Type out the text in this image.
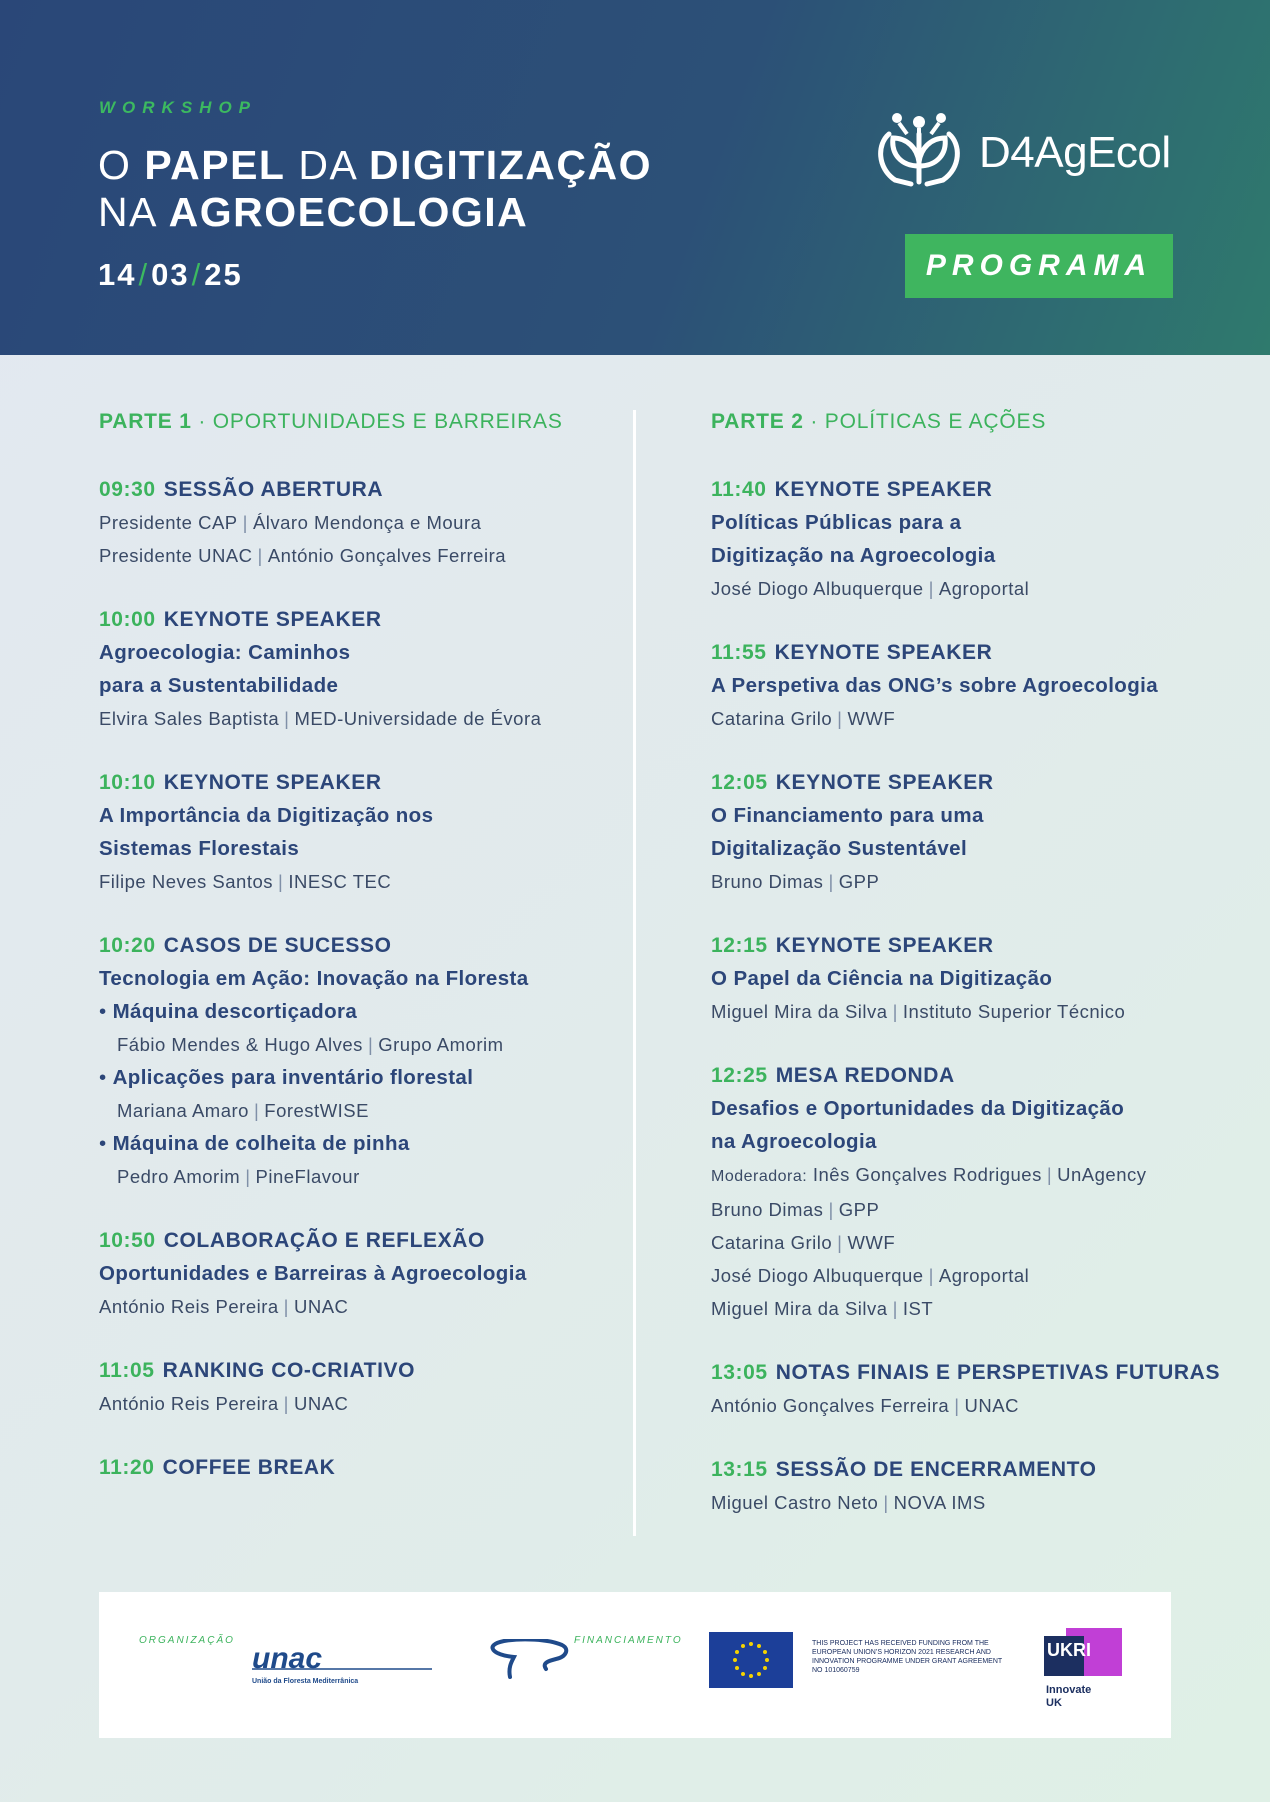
WORKSHOP
O PAPEL DA DIGITIZAÇÃO
NA AGROECOLOGIA
14/03/25
D4AgEcol
PROGRAMA
PARTE 1 · OPORTUNIDADES E BARREIRAS
09:30 SESSÃO ABERTURA
Presidente CAP | Álvaro Mendonça e Moura
Presidente UNAC | António Gonçalves Ferreira
10:00 KEYNOTE SPEAKER
Agroecologia: Caminhos
para a Sustentabilidade
Elvira Sales Baptista | MED-Universidade de Évora
10:10 KEYNOTE SPEAKER
A Importância da Digitização nos
Sistemas Florestais
Filipe Neves Santos | INESC TEC
10:20 CASOS DE SUCESSO
Tecnologia em Ação: Inovação na Floresta
• Máquina descortiçadora
Fábio Mendes & Hugo Alves | Grupo Amorim
• Aplicações para inventário florestal
Mariana Amaro | ForestWISE
• Máquina de colheita de pinha
Pedro Amorim | PineFlavour
10:50 COLABORAÇÃO E REFLEXÃO
Oportunidades e Barreiras à Agroecologia
António Reis Pereira | UNAC
11:05 RANKING CO-CRIATIVO
António Reis Pereira | UNAC
11:20 COFFEE BREAK
PARTE 2 · POLÍTICAS E AÇÕES
11:40 KEYNOTE SPEAKER
Políticas Públicas para a
Digitização na Agroecologia
José Diogo Albuquerque | Agroportal
11:55 KEYNOTE SPEAKER
A Perspetiva das ONG’s sobre Agroecologia
Catarina Grilo | WWF
12:05 KEYNOTE SPEAKER
O Financiamento para uma
Digitalização Sustentável
Bruno Dimas | GPP
12:15 KEYNOTE SPEAKER
O Papel da Ciência na Digitização
Miguel Mira da Silva | Instituto Superior Técnico
12:25 MESA REDONDA
Desafios e Oportunidades da Digitização
na Agroecologia
Moderadora: Inês Gonçalves Rodrigues | UnAgency
Bruno Dimas | GPP
Catarina Grilo | WWF
José Diogo Albuquerque | Agroportal
Miguel Mira da Silva | IST
13:05 NOTAS FINAIS E PERSPETIVAS FUTURAS
António Gonçalves Ferreira | UNAC
13:15 SESSÃO DE ENCERRAMENTO
Miguel Castro Neto | NOVA IMS
ORGANIZAÇÃO
unac
União da Floresta Mediterrânica
FINANCIAMENTO	THIS PROJECT HAS RECEIVED FUNDING FROM THE EUROPEAN UNION’S HORIZON 2021 RESEARCH AND INNOVATION PROGRAMME UNDER GRANT AGREEMENT NO 101060759
UKRI
Innovate
UK
